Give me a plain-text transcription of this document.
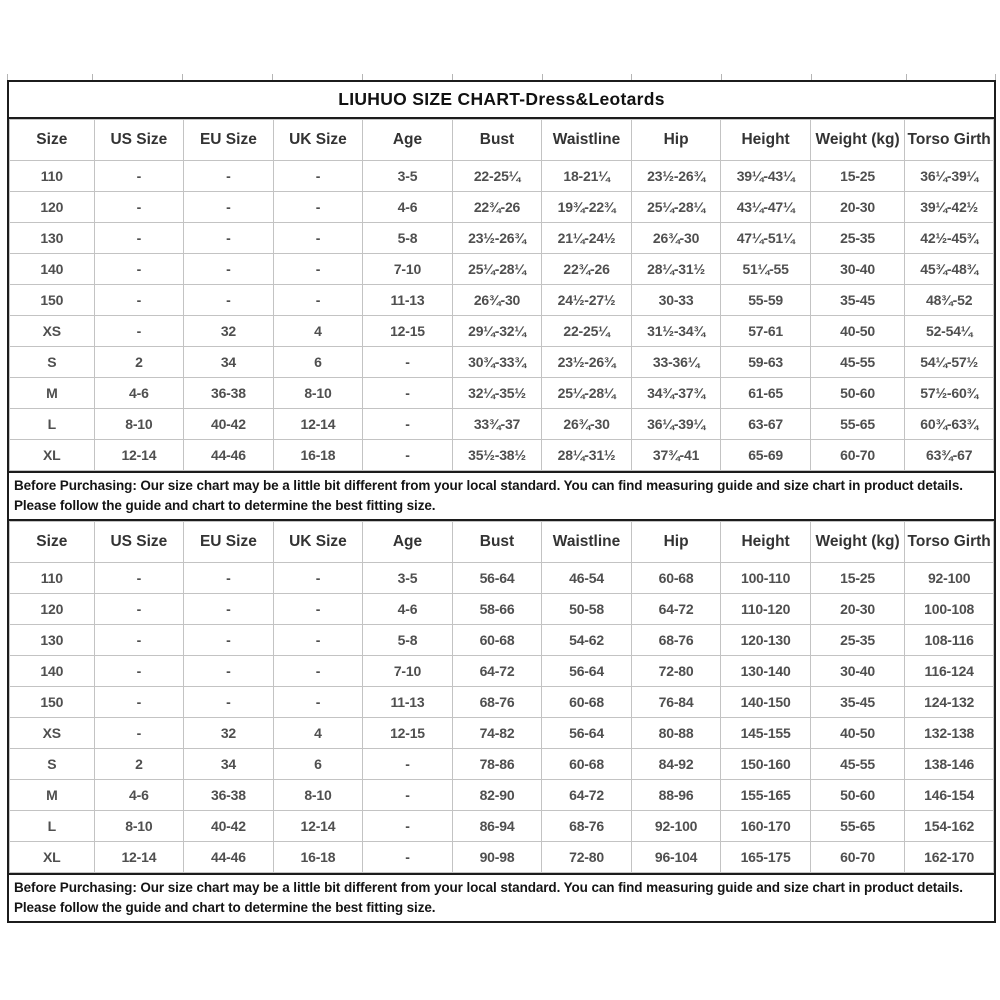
LIUHUO SIZE CHART-Dress&Leotards
Size	US Size	EU Size	UK Size	Age	Bust	Waistline	Hip	Height	Weight (kg)	Torso Girth
110	-	-	-	3-5	22-25¼	18-21¼	23½-26¾	39¼-43¼	15-25	36¼-39¼
120	-	-	-	4-6	22¾-26	19¾-22¾	25¼-28¼	43¼-47¼	20-30	39¼-42½
130	-	-	-	5-8	23½-26¾	21¼-24½	26¾-30	47¼-51¼	25-35	42½-45¾
140	-	-	-	7-10	25¼-28¼	22¾-26	28¼-31½	51¼-55	30-40	45¾-48¾
150	-	-	-	11-13	26¾-30	24½-27½	30-33	55-59	35-45	48¾-52
XS	-	32	4	12-15	29¼-32¼	22-25¼	31½-34¾	57-61	40-50	52-54¼
S	2	34	6	-	30¾-33¾	23½-26¾	33-36¼	59-63	45-55	54¼-57½
M	4-6	36-38	8-10	-	32¼-35½	25¼-28¼	34¾-37¾	61-65	50-60	57½-60¾
L	8-10	40-42	12-14	-	33¾-37	26¾-30	36¼-39¼	63-67	55-65	60¾-63¾
XL	12-14	44-46	16-18	-	35½-38½	28¼-31½	37¾-41	65-69	60-70	63¾-67
Before Purchasing: Our size chart may be a little bit different from your local standard. You can find measuring guide and size chart in product details. Please follow the guide and chart to determine the best fitting size.
Size	US Size	EU Size	UK Size	Age	Bust	Waistline	Hip	Height	Weight (kg)	Torso Girth
110	-	-	-	3-5	56-64	46-54	60-68	100-110	15-25	92-100
120	-	-	-	4-6	58-66	50-58	64-72	110-120	20-30	100-108
130	-	-	-	5-8	60-68	54-62	68-76	120-130	25-35	108-116
140	-	-	-	7-10	64-72	56-64	72-80	130-140	30-40	116-124
150	-	-	-	11-13	68-76	60-68	76-84	140-150	35-45	124-132
XS	-	32	4	12-15	74-82	56-64	80-88	145-155	40-50	132-138
S	2	34	6	-	78-86	60-68	84-92	150-160	45-55	138-146
M	4-6	36-38	8-10	-	82-90	64-72	88-96	155-165	50-60	146-154
L	8-10	40-42	12-14	-	86-94	68-76	92-100	160-170	55-65	154-162
XL	12-14	44-46	16-18	-	90-98	72-80	96-104	165-175	60-70	162-170
Before Purchasing: Our size chart may be a little bit different from your local standard. You can find measuring guide and size chart in product details. Please follow the guide and chart to determine the best fitting size.
